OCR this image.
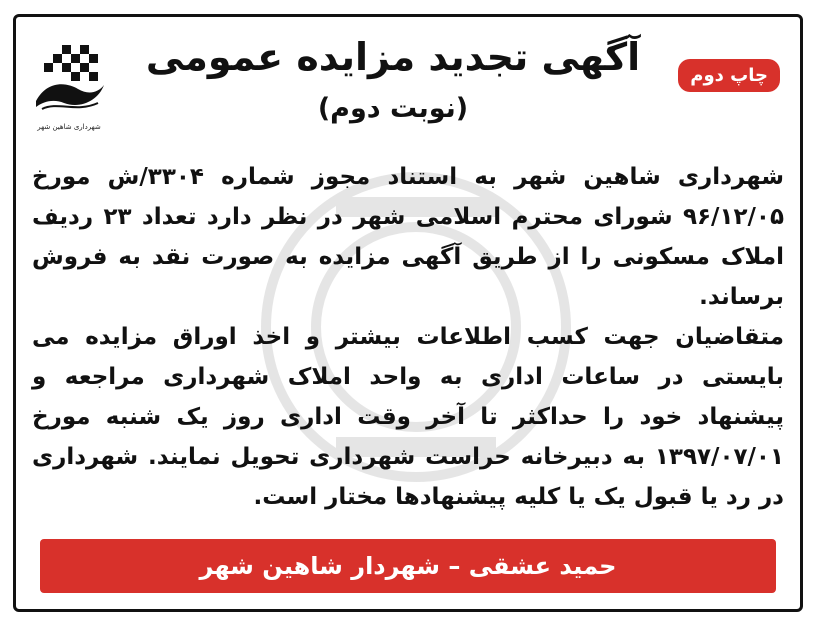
شهرداری شاهین شهر
آگهی تجدید مزایده عمومی
(نوبت دوم)
چاپ دوم

شهرداری شاهین شهر به استناد مجوز شماره ۳۳۰۴/ش مورخ ۹۶/۱۲/۰۵ شورای محترم اسلامی شهر در نظر دارد تعداد ۲۳ ردیف املاک مسکونی را از طریق آگهی مزایده به صورت نقد به فروش برساند.

متقاضیان جهت کسب اطلاعات بیشتر و اخذ اوراق مزایده می بایستی در ساعات اداری به واحد املاک شهرداری مراجعه و پیشنهاد خود را حداکثر تا آخر وقت اداری روز یک شنبه مورخ ۱۳۹۷/۰۷/۰۱ به دبیرخانه حراست شهرداری تحویل نمایند. شهرداری در رد یا قبول یک یا کلیه پیشنهادها مختار است.

حمید عشقی – شهردار شاهین شهر
